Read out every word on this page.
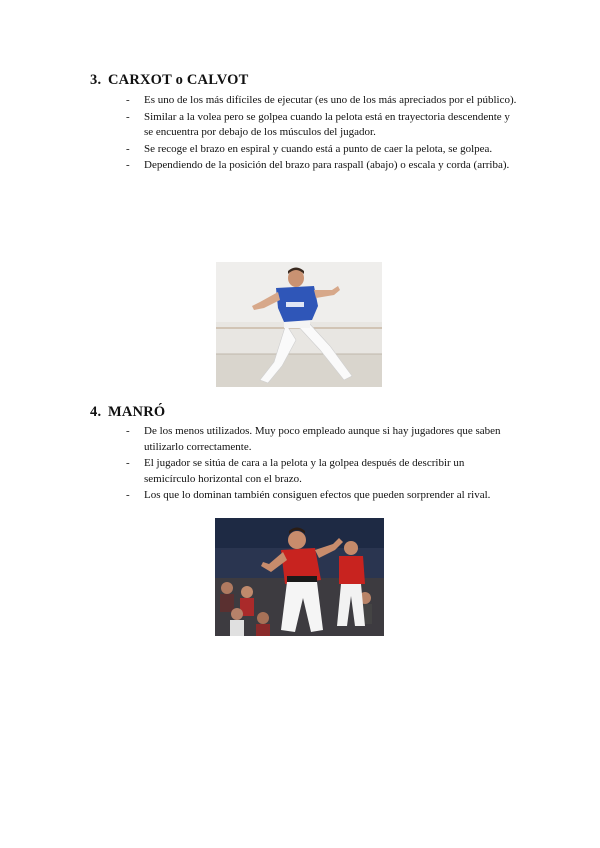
3. CARXOT o CALVOT
- Es uno de los más difíciles de ejecutar (es uno de los más apreciados por el público).
- Similar a la volea pero se golpea cuando la pelota está en trayectoria descendente y se encuentra por debajo de los músculos del jugador.
- Se recoge el brazo en espiral y cuando está a punto de caer la pelota, se golpea.
- Dependiendo de la posición del brazo para raspall (abajo) o escala y corda (arriba).
4. MANRÓ
- De los menos utilizados. Muy poco empleado aunque si hay jugadores que saben utilizarlo correctamente.
- El jugador se sitúa de cara a la pelota y la golpea después de describir un semicírculo horizontal con el brazo.
- Los que lo dominan también consiguen efectos que pueden sorprender al rival.
